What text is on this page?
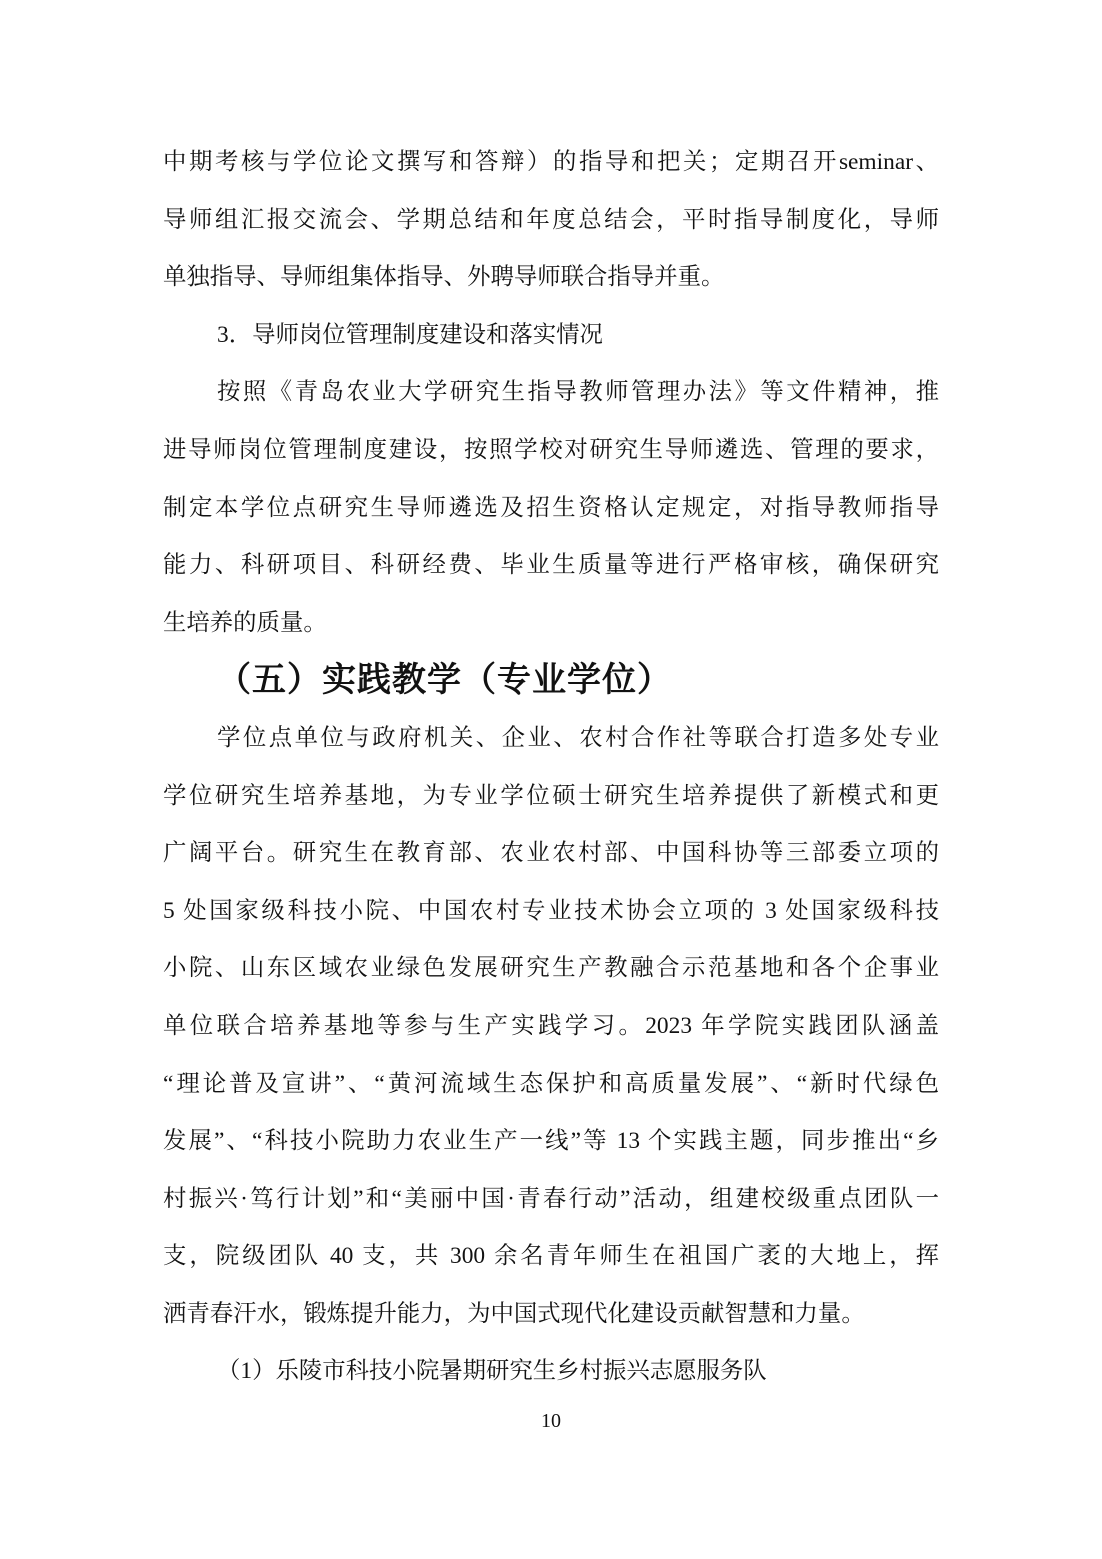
中期考核与学位论文撰写和答辩）的指导和把关；定期召开seminar、
导师组汇报交流会、学期总结和年度总结会，平时指导制度化，导师
单独指导、导师组集体指导、外聘导师联合指导并重。
3．导师岗位管理制度建设和落实情况
按照《青岛农业大学研究生指导教师管理办法》等文件精神，推
进导师岗位管理制度建设，按照学校对研究生导师遴选、管理的要求，
制定本学位点研究生导师遴选及招生资格认定规定，对指导教师指导
能力、科研项目、科研经费、毕业生质量等进行严格审核，确保研究
生培养的质量。
（五）实践教学（专业学位）
学位点单位与政府机关、企业、农村合作社等联合打造多处专业
学位研究生培养基地，为专业学位硕士研究生培养提供了新模式和更
广阔平台。研究生在教育部、农业农村部、中国科协等三部委立项的
5 处国家级科技小院、中国农村专业技术协会立项的 3 处国家级科技
小院、山东区域农业绿色发展研究生产教融合示范基地和各个企事业
单位联合培养基地等参与生产实践学习。2023 年学院实践团队涵盖
“理论普及宣讲”、“黄河流域生态保护和高质量发展”、“新时代绿色
发展”、“科技小院助力农业生产一线”等 13 个实践主题，同步推出“乡
村振兴·笃行计划”和“美丽中国·青春行动”活动，组建校级重点团队一
支，院级团队 40 支，共 300 余名青年师生在祖国广袤的大地上，挥
洒青春汗水，锻炼提升能力，为中国式现代化建设贡献智慧和力量。
（1）乐陵市科技小院暑期研究生乡村振兴志愿服务队
10
